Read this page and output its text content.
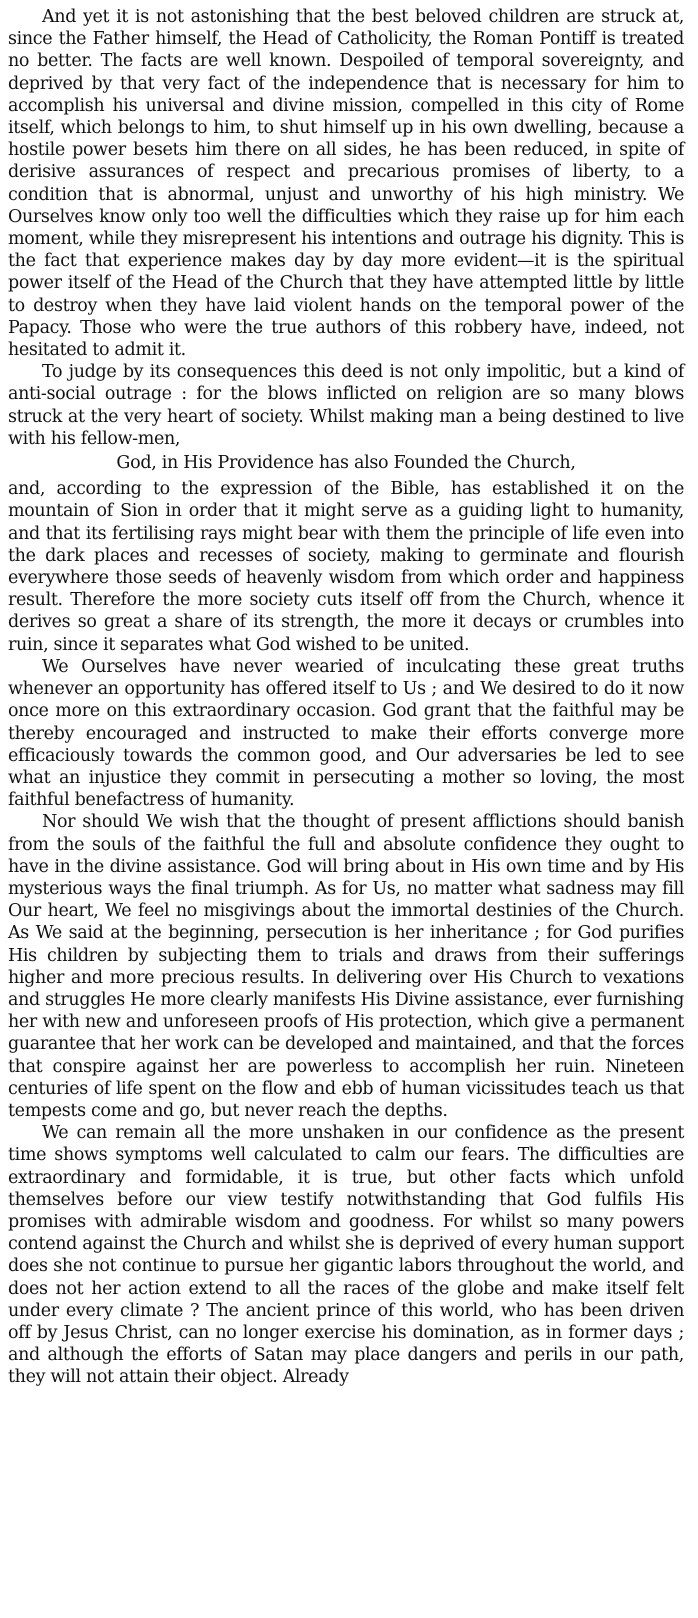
And yet it is not astonishing that the best beloved children are struck at, since the Father himself, the Head of Catholicity, the Roman Pontiff is treated no better. The facts are well known. Despoiled of temporal sovereignty, and deprived by that very fact of the independence that is necessary for him to accomplish his universal and divine mission, compelled in this city of Rome itself, which belongs to him, to shut himself up in his own dwelling, because a hostile power besets him there on all sides, he has been reduced, in spite of derisive assurances of respect and precarious promises of liberty, to a condition that is abnormal, unjust and unworthy of his high ministry. We Ourselves know only too well the difficulties which they raise up for him each moment, while they misrepresent his intentions and outrage his dignity. This is the fact that experience makes day by day more evident—it is the spiritual power itself of the Head of the Church that they have attempted little by little to destroy when they have laid violent hands on the temporal power of the Papacy. Those who were the true authors of this robbery have, indeed, not hesitated to admit it.

To judge by its consequences this deed is not only impolitic, but a kind of anti-social outrage : for the blows inflicted on religion are so many blows struck at the very heart of society. Whilst making man a being destined to live with his fellow-men,

God, in His Providence has also Founded the Church,

and, according to the expression of the Bible, has established it on the mountain of Sion in order that it might serve as a guiding light to humanity, and that its fertilising rays might bear with them the principle of life even into the dark places and recesses of society, making to germinate and flourish everywhere those seeds of heavenly wisdom from which order and happiness result. Therefore the more society cuts itself off from the Church, whence it derives so great a share of its strength, the more it decays or crumbles into ruin, since it separates what God wished to be united.

We Ourselves have never wearied of inculcating these great truths whenever an opportunity has offered itself to Us ; and We desired to do it now once more on this extraordinary occasion. God grant that the faithful may be thereby encouraged and instructed to make their efforts converge more efficaciously towards the common good, and Our adversaries be led to see what an injustice they commit in persecuting a mother so loving, the most faithful benefactress of humanity.

Nor should We wish that the thought of present afflictions should banish from the souls of the faithful the full and absolute confidence they ought to have in the divine assistance. God will bring about in His own time and by His mysterious ways the final triumph. As for Us, no matter what sadness may fill Our heart, We feel no misgivings about the immortal destinies of the Church. As We said at the beginning, persecution is her inheritance ; for God purifies His children by subjecting them to trials and draws from their sufferings higher and more precious results. In delivering over His Church to vexations and struggles He more clearly manifests His Divine assistance, ever furnishing her with new and unforeseen proofs of His protection, which give a permanent guarantee that her work can be developed and maintained, and that the forces that conspire against her are powerless to accomplish her ruin. Nineteen centuries of life spent on the flow and ebb of human vicissitudes teach us that tempests come and go, but never reach the depths.

We can remain all the more unshaken in our confidence as the present time shows symptoms well calculated to calm our fears. The difficulties are extraordinary and formidable, it is true, but other facts which unfold themselves before our view testify notwithstanding that God fulfils His promises with admirable wisdom and goodness. For whilst so many powers contend against the Church and whilst she is deprived of every human support does she not continue to pursue her gigantic labors throughout the world, and does not her action extend to all the races of the globe and make itself felt under every climate ? The ancient prince of this world, who has been driven off by Jesus Christ, can no longer exercise his domination, as in former days ; and although the efforts of Satan may place dangers and perils in our path, they will not attain their object. Already
